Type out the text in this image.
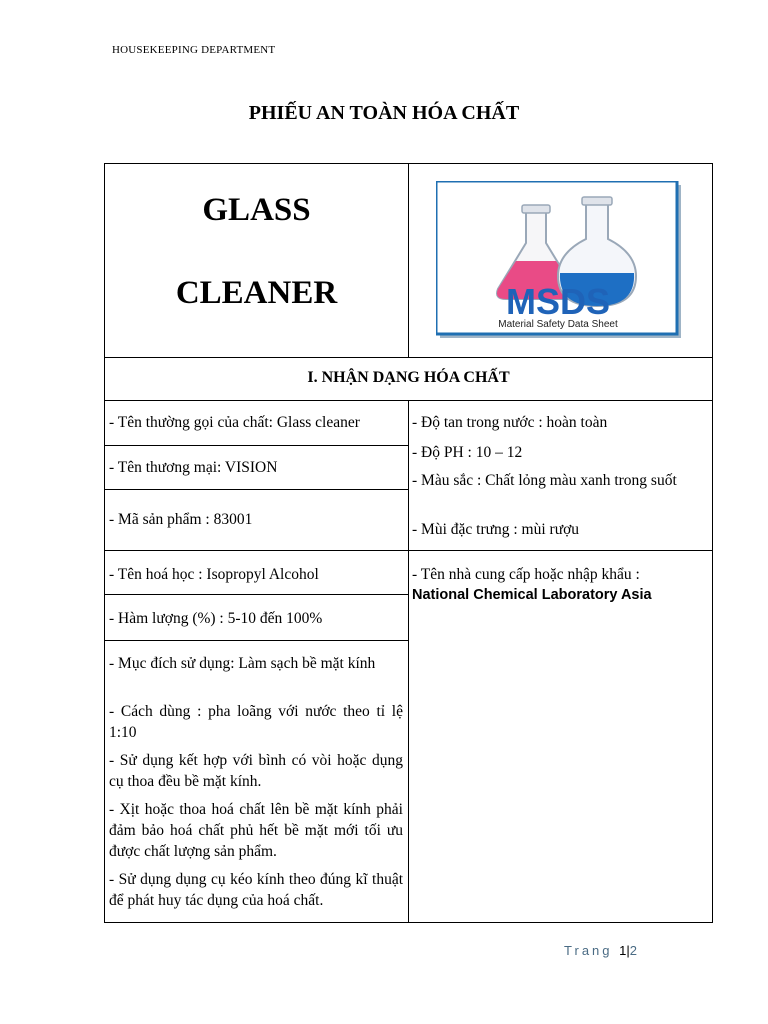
HOUSEKEEPING DEPARTMENT
PHIẾU AN TOÀN HÓA CHẤT
GLASS
CLEANER	MSDS
Material Safety Data Sheet
I. NHẬN DẠNG HÓA CHẤT
- Tên thường gọi của chất: Glass cleaner
- Tên thương mại: VISION
- Mã sản phẩm : 83001
- Tên hoá học : Isopropyl Alcohol
- Hàm lượng (%) : 5-10 đến 100%
- Mục đích sử dụng: Làm sạch bề mặt kính
- Cách dùng : pha loãng với nước theo tỉ lệ 1:10
- Sử dụng kết hợp với bình có vòi hoặc dụng cụ thoa đều bề mặt kính.
- Xịt hoặc thoa hoá chất lên bề mặt kính phải đảm bảo hoá chất phủ hết bề mặt mới tối ưu được chất lượng sản phẩm.
- Sử dụng dụng cụ kéo kính theo đúng kĩ thuật để phát huy tác dụng của hoá chất.
- Độ tan trong nước : hoàn toàn
- Độ PH : 10 – 12
- Màu sắc : Chất lỏng màu xanh trong suốt
- Mùi đặc trưng : mùi rượu
- Tên nhà cung cấp hoặc nhập khẩu :
National Chemical Laboratory Asia
Trang 1|2
